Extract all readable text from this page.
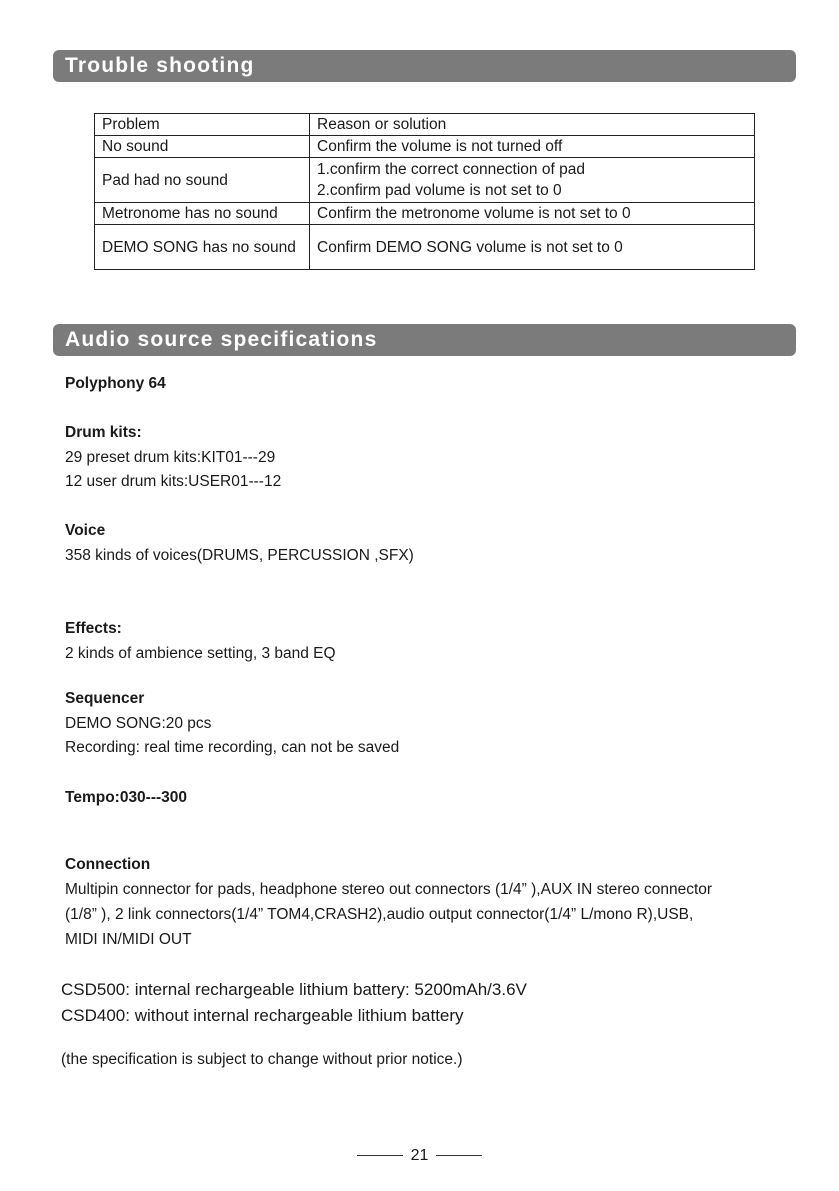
Trouble shooting
Problem	Reason or solution
No sound	Confirm the volume is not turned off
Pad had no sound	1.confirm the correct connection of pad
2.confirm pad volume is not set to 0

Metronome has no sound	Confirm the metronome volume is not set to 0
DEMO SONG has no sound	Confirm DEMO SONG volume is not set to 0
Audio source specifications
Polyphony 64
Drum kits:
29 preset drum kits:KIT01---29
12 user drum kits:USER01---12
Voice
358 kinds of voices(DRUMS, PERCUSSION ,SFX)
Effects:
2 kinds of ambience setting, 3 band EQ
Sequencer
DEMO SONG:20 pcs
Recording: real time recording, can not be saved
Tempo:030---300
Connection
Multipin connector for pads, headphone stereo out connectors (1/4” ),AUX IN stereo connector
(1/8” ), 2 link connectors(1/4” TOM4,CRASH2),audio output connector(1/4” L/mono R),USB,
MIDI IN/MIDI OUT
CSD500: internal rechargeable lithium battery: 5200mAh/3.6V
CSD400: without internal rechargeable lithium battery
(the specification is subject to change without prior notice.)
21
